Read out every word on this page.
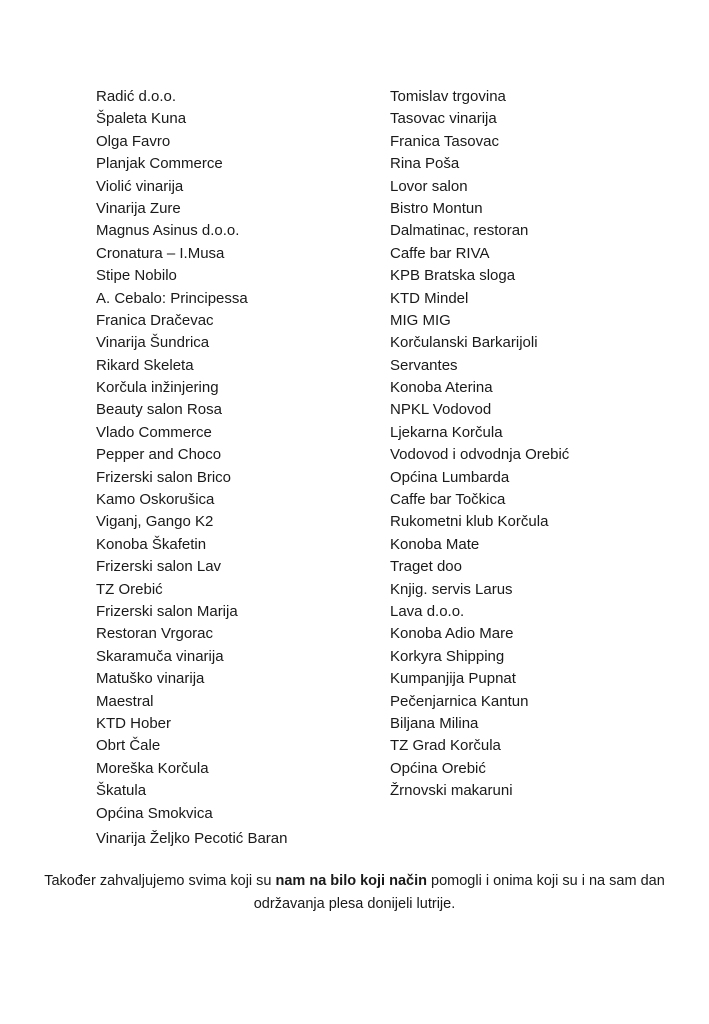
Radić d.o.o.
Špaleta Kuna
Olga Favro
Planjak Commerce
Violić vinarija
Vinarija Zure
Magnus Asinus d.o.o.
Cronatura – I.Musa
Stipe Nobilo
A. Cebalo: Principessa
Franica Dračevac
Vinarija Šundrica
Rikard Skeleta
Korčula inžinjering
Beauty salon Rosa
Vlado Commerce
Pepper and Choco
Frizerski salon Brico
Kamo Oskorušica
Viganj, Gango K2
Konoba Škafetin
Frizerski salon Lav
TZ Orebić
Frizerski salon Marija
Restoran Vrgorac
Skaramuča vinarija
Matuško vinarija
Maestral
KTD Hober
Obrt Čale
Moreška Korčula
Škatula
Općina Smokvica
Vinarija Željko Pecotić Baran
Tomislav trgovina
Tasovac vinarija
Franica Tasovac
Rina Poša
Lovor salon
Bistro Montun
Dalmatinac, restoran
Caffe bar RIVA
KPB Bratska sloga
KTD Mindel
MIG MIG
Korčulanski Barkarijoli
Servantes
Konoba Aterina
NPKL Vodovod
Ljekarna Korčula
Vodovod i odvodnja Orebić
Općina Lumbarda
Caffe bar Točkica
Rukometni klub Korčula
Konoba Mate
Traget doo
Knjig. servis Larus
Lava d.o.o.
Konoba Adio Mare
Korkyra Shipping
Kumpanjija Pupnat
Pečenjarnica Kantun
Biljana Milina
TZ Grad Korčula
Općina Orebić
Žrnovski makaruni

Također zahvaljujemo svima koji su nam na bilo koji način pomogli i onima koji su i na sam dan održavanja plesa donijeli lutrije.
